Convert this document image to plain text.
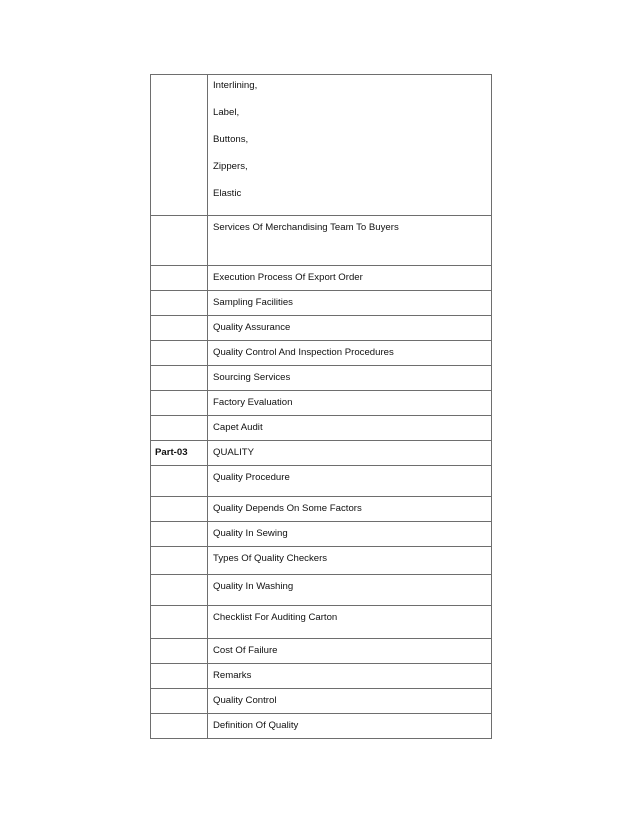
	Interlining,
Label,
Buttons,
Zippers,
Elastic

	Services Of Merchandising Team To Buyers

	Execution Process Of Export Order

	Sampling Facilities

	Quality Assurance

	Quality Control And Inspection Procedures

	Sourcing Services

	Factory Evaluation

	Capet Audit

Part-03	QUALITY

	Quality Procedure

	Quality Depends On Some Factors

	Quality In Sewing

	Types Of Quality Checkers

	Quality In Washing

	Checklist For Auditing Carton

	Cost Of Failure

	Remarks

	Quality Control

	Definition Of Quality
